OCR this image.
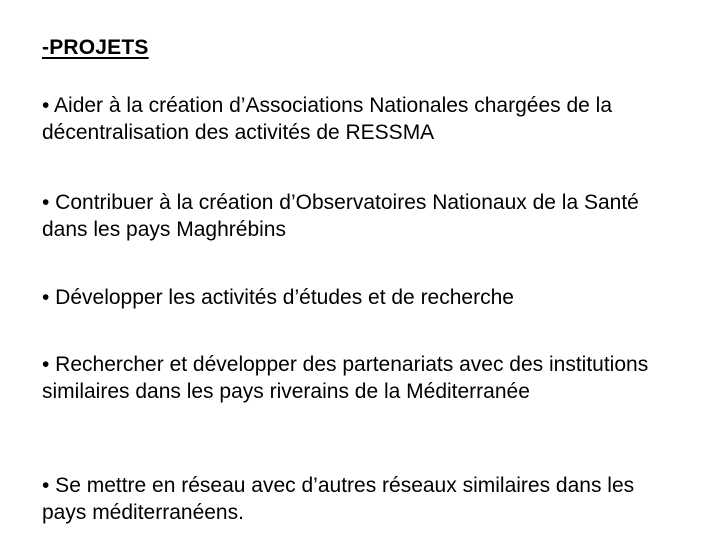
-PROJETS
• Aider à la création d’Associations Nationales chargées de la décentralisation des activités de RESSMA
• Contribuer à la création d’Observatoires Nationaux de la Santé dans les pays Maghrébins
• Développer les activités d’études et de recherche
• Rechercher et développer des partenariats avec des institutions similaires dans les pays riverains de la Méditerranée
• Se mettre en réseau avec d’autres réseaux similaires dans les pays méditerranéens.
